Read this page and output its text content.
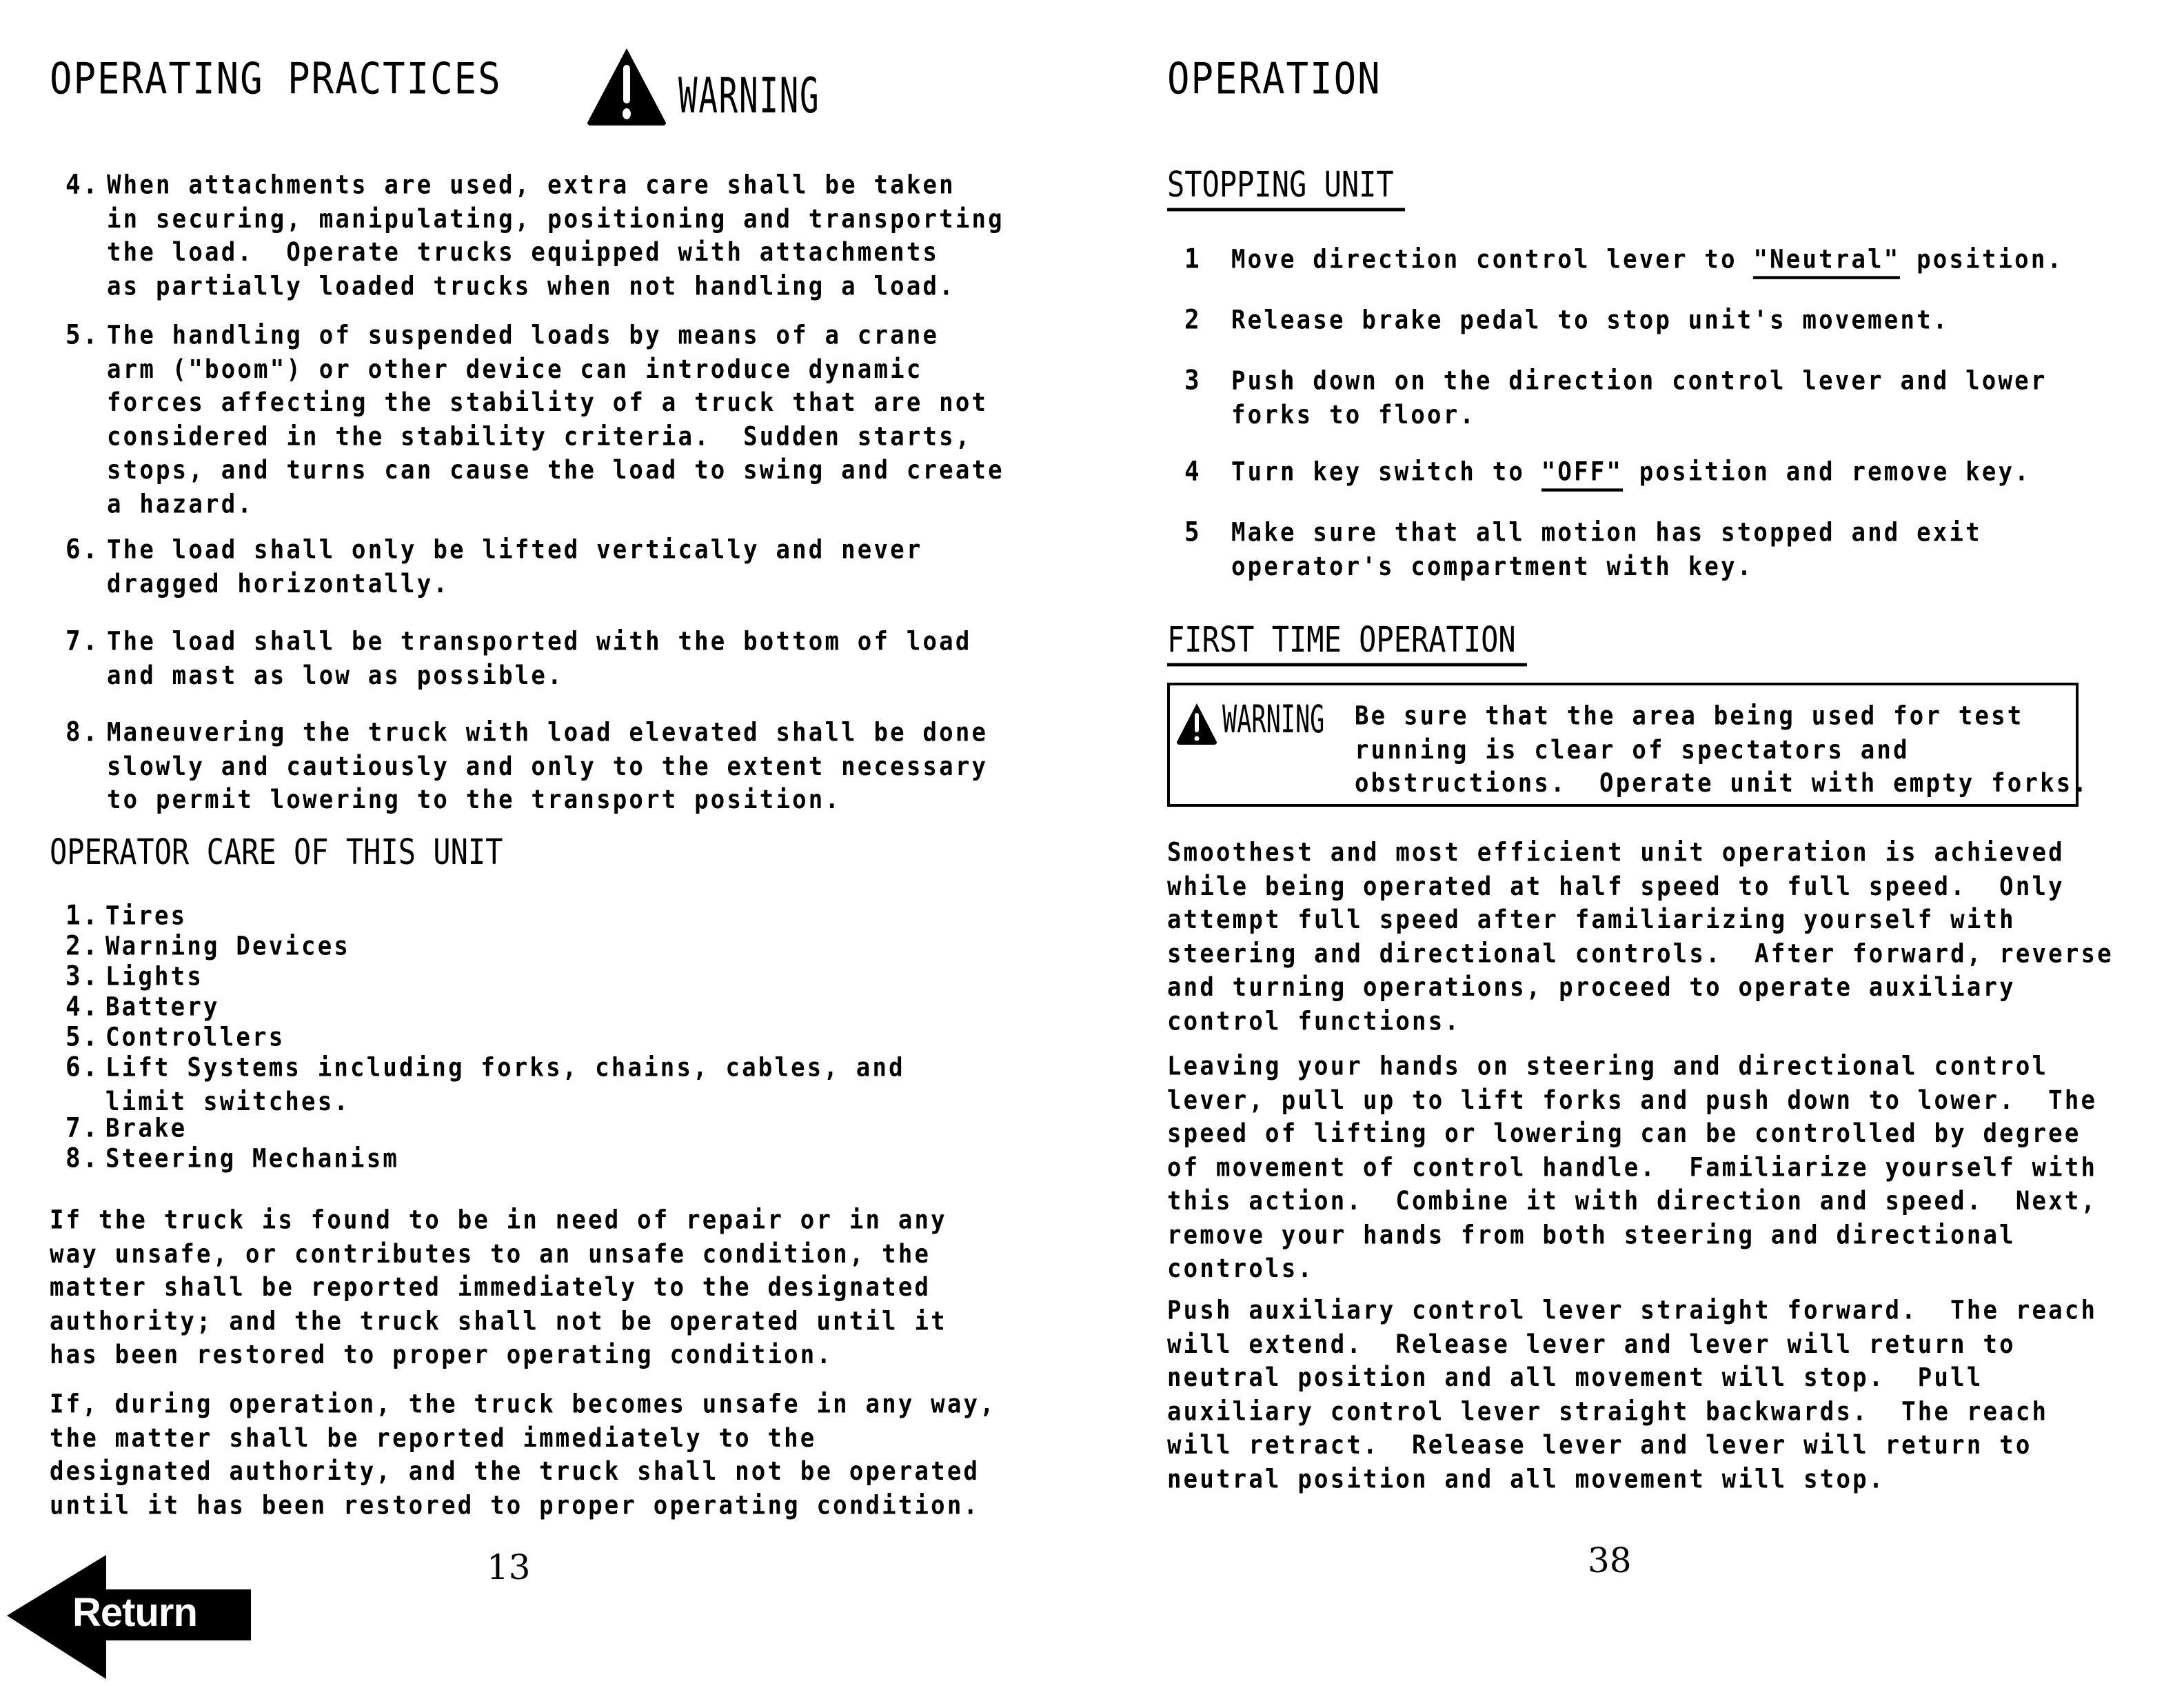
OPERATING PRACTICES	WARNING
4. When attachments are used, extra care shall be taken
in securing, manipulating, positioning and transporting
the load.  Operate trucks equipped with attachments
as partially loaded trucks when not handling a load.
5. The handling of suspended loads by means of a crane
arm ("boom") or other device can introduce dynamic
forces affecting the stability of a truck that are not
considered in the stability criteria.  Sudden starts,
stops, and turns can cause the load to swing and create
a hazard.
6. The load shall only be lifted vertically and never
dragged horizontally.
7. The load shall be transported with the bottom of load
and mast as low as possible.
8. Maneuvering the truck with load elevated shall be done
slowly and cautiously and only to the extent necessary
to permit lowering to the transport position.
OPERATOR CARE OF THIS UNIT
1. Tires
2. Warning Devices
3. Lights
4. Battery
5. Controllers
6. Lift Systems including forks, chains, cables, and
limit switches.
7. Brake
8. Steering Mechanism
If the truck is found to be in need of repair or in any
way unsafe, or contributes to an unsafe condition, the
matter shall be reported immediately to the designated
authority; and the truck shall not be operated until it
has been restored to proper operating condition.
If, during operation, the truck becomes unsafe in any way,
the matter shall be reported immediately to the
designated authority, and the truck shall not be operated
until it has been restored to proper operating condition.
13
Return
OPERATION
STOPPING UNIT
1 Move direction control lever to "Neutral" position.
2 Release brake pedal to stop unit's movement.
3 Push down on the direction control lever and lower
forks to floor.
4 Turn key switch to "OFF" position and remove key.
5 Make sure that all motion has stopped and exit
operator's compartment with key.
FIRST TIME OPERATION
WARNING Be sure that the area being used for test
running is clear of spectators and
obstructions.  Operate unit with empty forks.
Smoothest and most efficient unit operation is achieved
while being operated at half speed to full speed.  Only
attempt full speed after familiarizing yourself with
steering and directional controls.  After forward, reverse
and turning operations, proceed to operate auxiliary
control functions.
Leaving your hands on steering and directional control
lever, pull up to lift forks and push down to lower.  The
speed of lifting or lowering can be controlled by degree
of movement of control handle.  Familiarize yourself with
this action.  Combine it with direction and speed.  Next,
remove your hands from both steering and directional
controls.
Push auxiliary control lever straight forward.  The reach
will extend.  Release lever and lever will return to
neutral position and all movement will stop.  Pull
auxiliary control lever straight backwards.  The reach
will retract.  Release lever and lever will return to
neutral position and all movement will stop.
38
